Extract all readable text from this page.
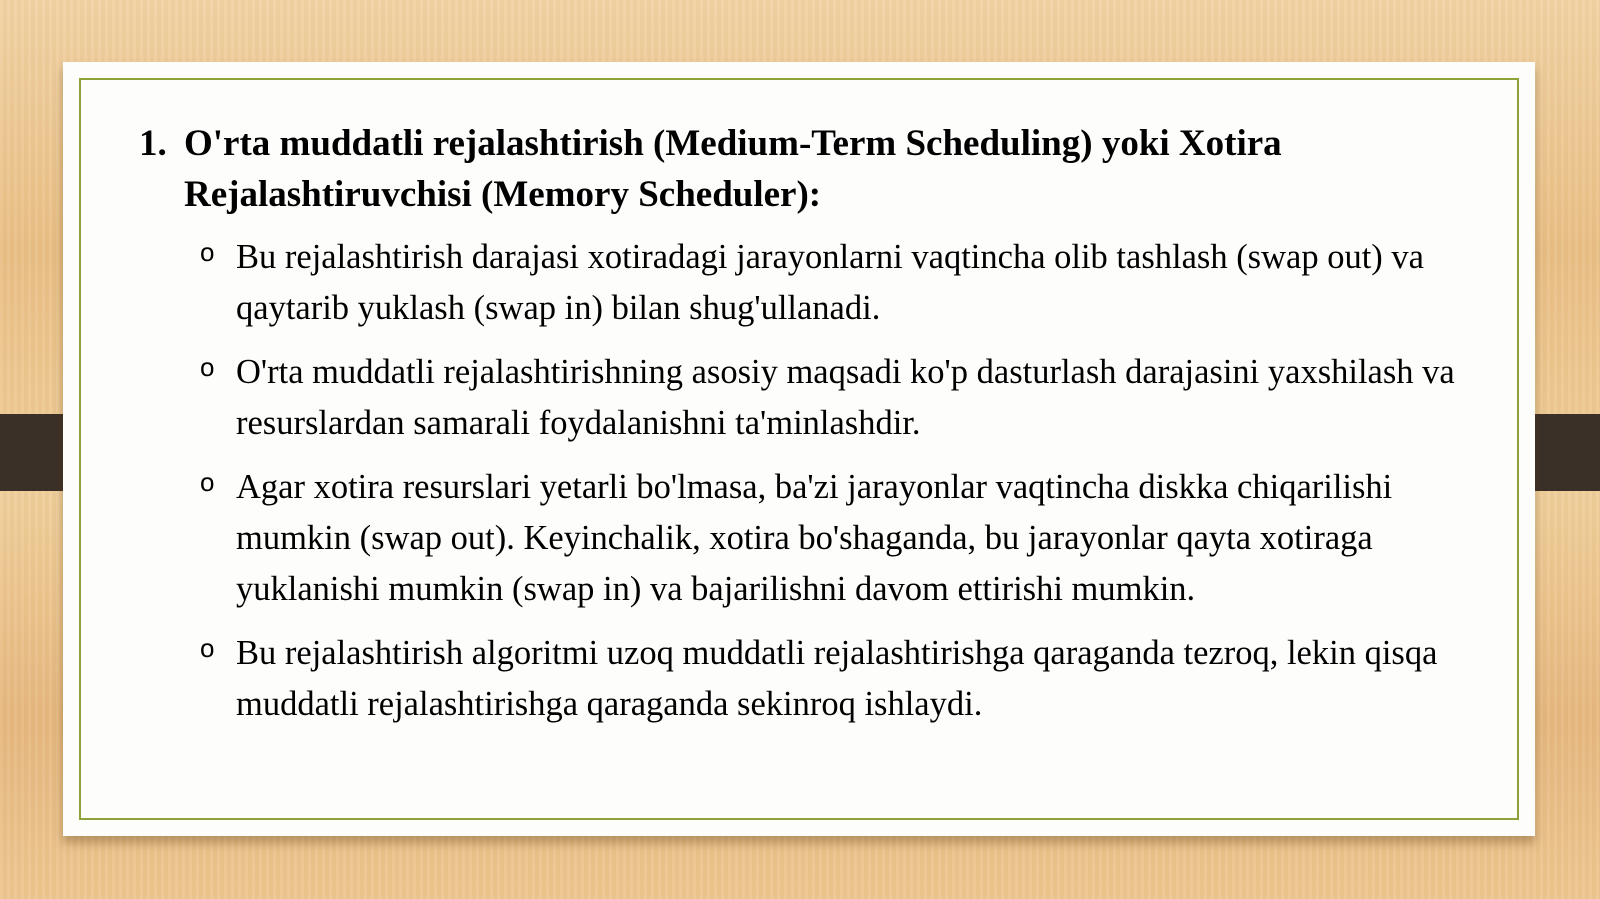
1. O'rta muddatli rejalashtirish (Medium-Term Scheduling) yoki Xotira Rejalashtiruvchisi (Memory Scheduler):
o Bu rejalashtirish darajasi xotiradagi jarayonlarni vaqtincha olib tashlash (swap out) va qaytarib yuklash (swap in) bilan shug'ullanadi.
o O'rta muddatli rejalashtirishning asosiy maqsadi ko'p dasturlash darajasini yaxshilash va resurslardan samarali foydalanishni ta'minlashdir.
o Agar xotira resurslari yetarli bo'lmasa, ba'zi jarayonlar vaqtincha diskka chiqarilishi mumkin (swap out). Keyinchalik, xotira bo'shaganda, bu jarayonlar qayta xotiraga yuklanishi mumkin (swap in) va bajarilishni davom ettirishi mumkin.
o Bu rejalashtirish algoritmi uzoq muddatli rejalashtirishga qaraganda tezroq, lekin qisqa muddatli rejalashtirishga qaraganda sekinroq ishlaydi.
